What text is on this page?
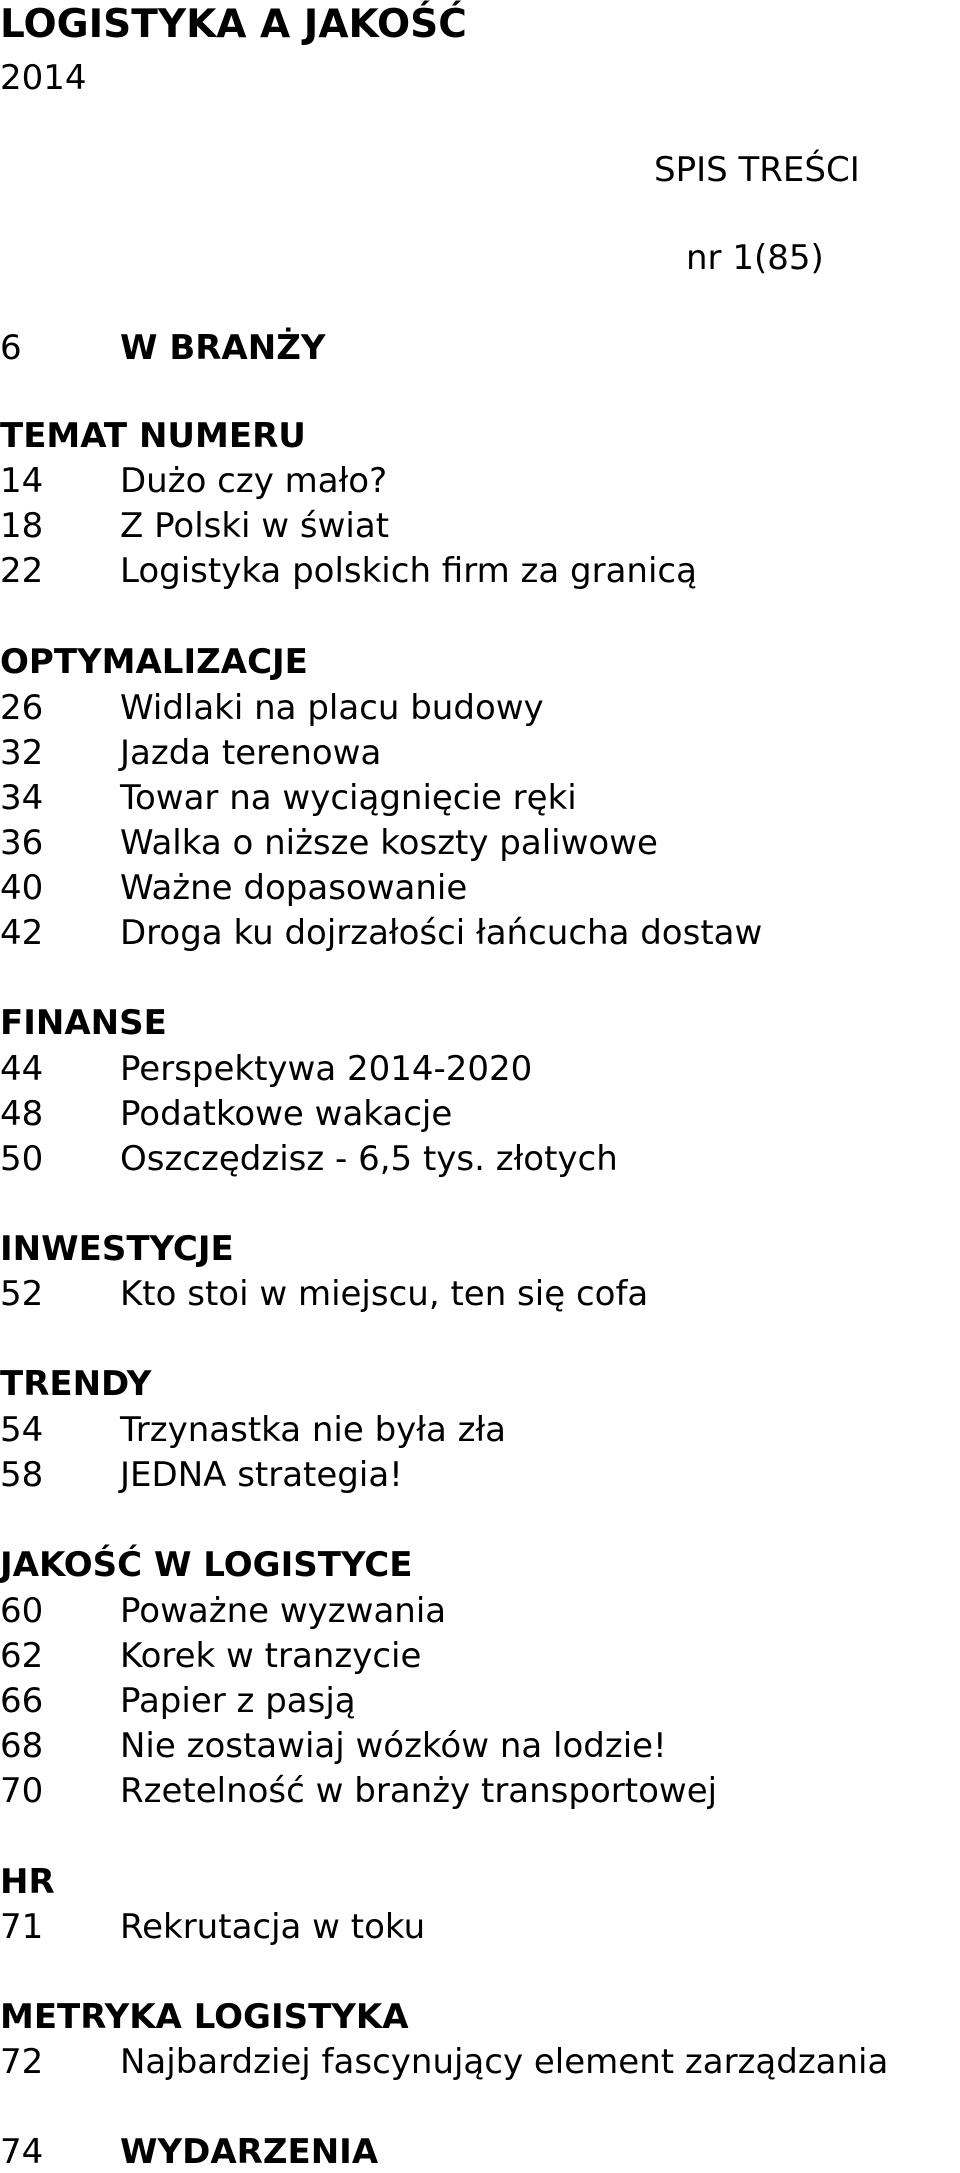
LOGISTYKA A JAKOŚĆ
2014
SPIS TREŚCI
nr 1(85)
6	W BRANŻY
TEMAT NUMERU
14 Dużo czy mało?
18 Z Polski w świat
22 Logistyka polskich firm za granicą
OPTYMALIZACJE
26 Widlaki na placu budowy
32 Jazda terenowa
34 Towar na wyciągnięcie ręki
36 Walka o niższe koszty paliwowe
40 Ważne dopasowanie
42 Droga ku dojrzałości łańcucha dostaw
FINANSE
44 Perspektywa 2014-2020
48 Podatkowe wakacje
50 Oszczędzisz - 6,5 tys. złotych
INWESTYCJE
52 Kto stoi w miejscu, ten się cofa
TRENDY
54 Trzynastka nie była zła
58 JEDNA strategia!
JAKOŚĆ W LOGISTYCE
60 Poważne wyzwania
62 Korek w tranzycie
66 Papier z pasją
68 Nie zostawiaj wózków na lodzie!
70 Rzetelność w branży transportowej
HR
71 Rekrutacja w toku
METRYKA LOGISTYKA
72 Najbardziej fascynujący element zarządzania
74 WYDARZENIA
